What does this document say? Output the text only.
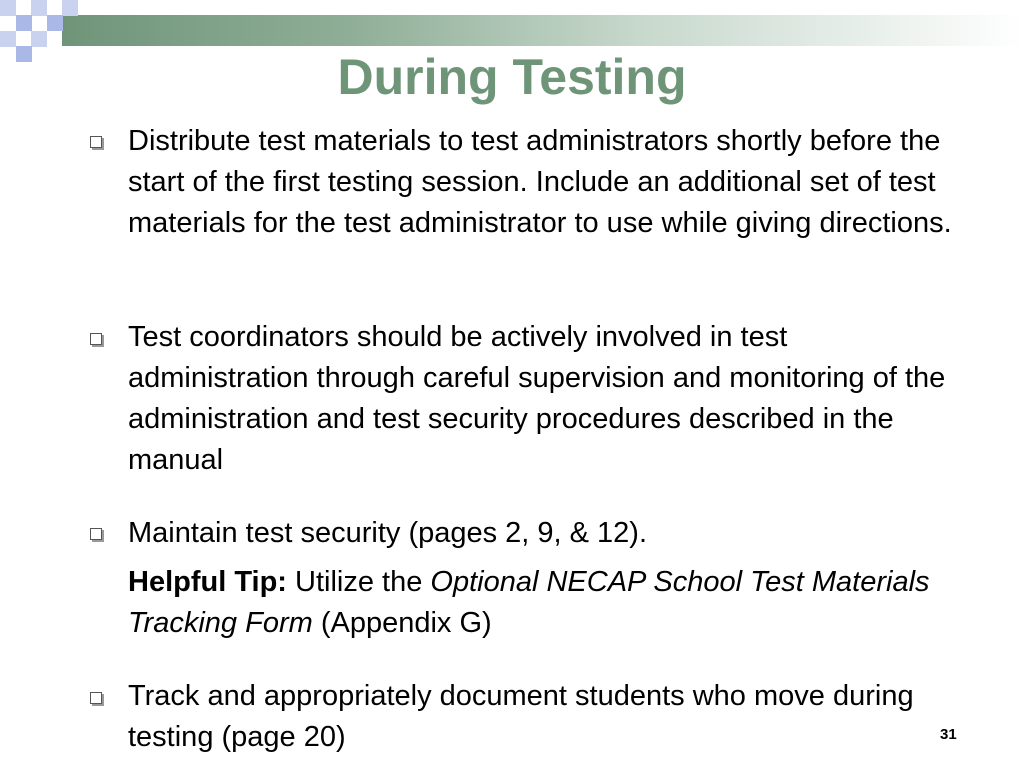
During Testing

Distribute test materials to test administrators shortly before the start of the first testing session. Include an additional set of test materials for the test administrator to use while giving directions.

Test coordinators should be actively involved in test administration through careful supervision and monitoring of the administration and test security procedures described in the manual

Maintain test security (pages 2, 9, & 12).

Helpful Tip: Utilize the Optional NECAP School Test Materials Tracking Form (Appendix G)

Track and appropriately document students who move during testing (page 20)	31
